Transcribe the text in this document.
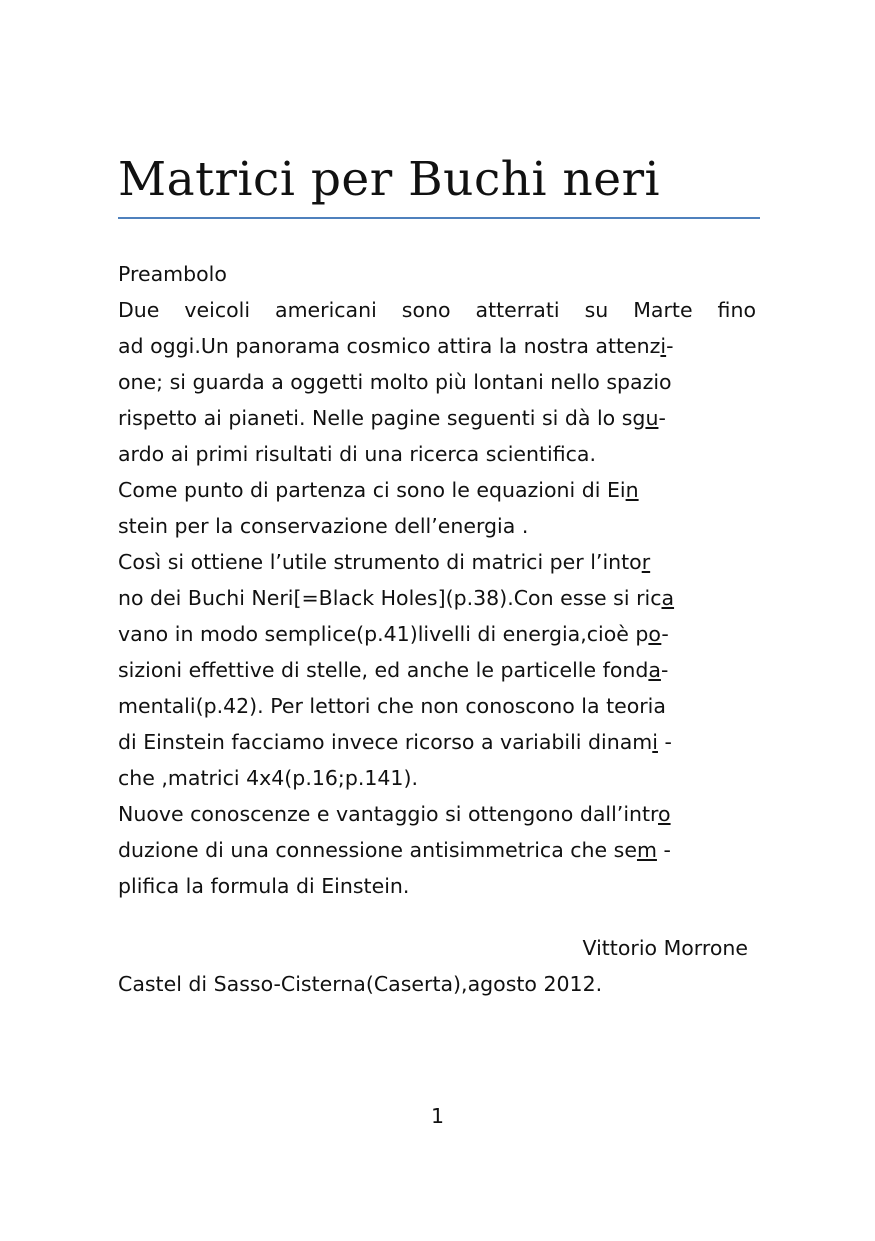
Matrici per Buchi neri
Preambolo
Due veicoli americani sono atterrati su Marte fino
ad oggi.Un panorama cosmico attira la nostra attenzi-
one; si guarda a oggetti molto più lontani nello spazio
rispetto ai pianeti. Nelle pagine seguenti si dà lo sgu-
ardo ai primi risultati di una ricerca scientifica.
Come punto di partenza ci sono le equazioni di Ein
stein per la conservazione dell’energia .
Così si ottiene l’utile strumento di matrici per l’intor
no dei Buchi Neri[=Black Holes](p.38).Con esse si rica
vano in modo semplice(p.41)livelli di energia,cioè po-
sizioni effettive di stelle, ed anche le particelle fonda-
mentali(p.42). Per lettori che non conoscono la teoria
di Einstein facciamo invece ricorso a variabili dinami -
che ,matrici 4x4(p.16;p.141).
Nuove conoscenze e vantaggio si ottengono dall’intro
duzione di una connessione antisimmetrica che sem -
plifica la formula di Einstein.
Vittorio Morrone
Castel di Sasso-Cisterna(Caserta),agosto 2012.
1
